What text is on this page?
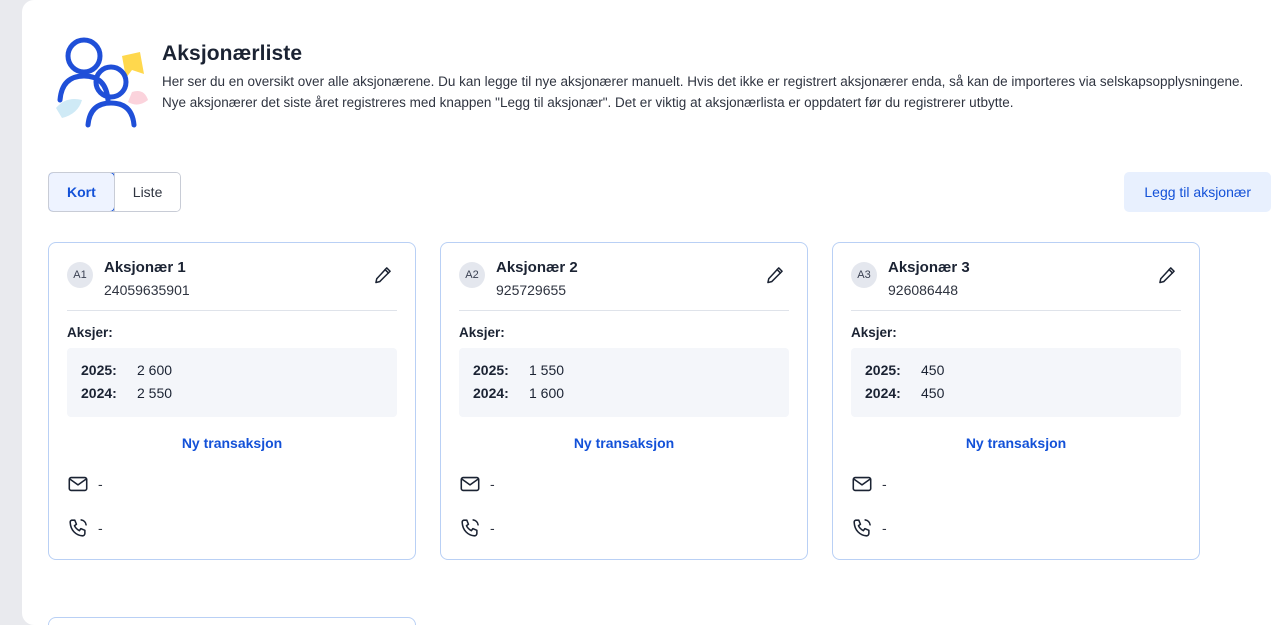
Aksjonærliste

Her ser du en oversikt over alle aksjonærene. Du kan legge til nye aksjonærer manuelt. Hvis det ikke er registrert aksjonærer enda, så kan de importeres via selskapsopplysningene. Nye aksjonærer det siste året registreres med knappen "Legg til aksjonær". Det er viktig at aksjonærlista er oppdatert før du registrerer utbytte.

Kort	Liste	Legg til aksjonær
A1	Aksjonær 1
24059635901
Aksjer:
2025:	2 600
2024:	2 550
Ny transaksjon
-
-
A2	Aksjonær 2
925729655
Aksjer:
2025:	1 550
2024:	1 600
Ny transaksjon
-
-
A3	Aksjonær 3
926086448
Aksjer:
2025:	450
2024:	450
Ny transaksjon
-
-
